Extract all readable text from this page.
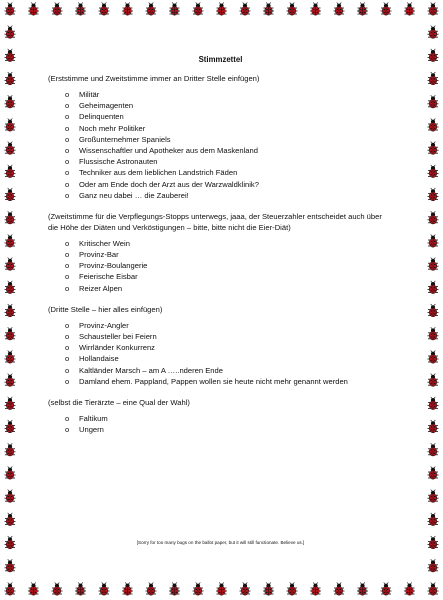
Stimmzettel
(Erststimme und Zweitstimme immer an Dritter Stelle einfügen)
o Militär
o Geheimagenten
o Delinquenten
o Noch mehr Politiker
o Großunternehmer Spaniels
o Wissenschaftler und Apotheker aus dem Maskenland
o Flussische Astronauten
o Techniker aus dem lieblichen Landstrich Fäden
o Oder am Ende doch der Arzt aus der Warzwaldklinik?
o Ganz neu dabei … die Zauberei!
(Zweitstimme für die Verpflegungs-Stopps unterwegs, jaaa, der Steuerzahler entscheidet auch über die Höhe der Diäten und Verköstigungen – bitte, bitte nicht die Eier-Diät)
o Kritischer Wein
o Provinz-Bar
o Provinz-Boulangerie
o Feierische Eisbar
o Reizer Alpen
(Dritte Stelle – hier alles einfügen)
o Provinz-Angler
o Schausteller bei Feiern
o Wirrländer Konkurrenz
o Hollandaise
o Kaltländer Marsch – am A …..nderen Ende
o Damland ehem. Pappland, Pappen wollen sie heute nicht mehr genannt werden
(selbst die Tierärzte – eine Qual der Wahl)
o Faltikum
o Ungern
[Sorry for too many bugs on the ballot paper, but it will still functionate. Believe us.]
